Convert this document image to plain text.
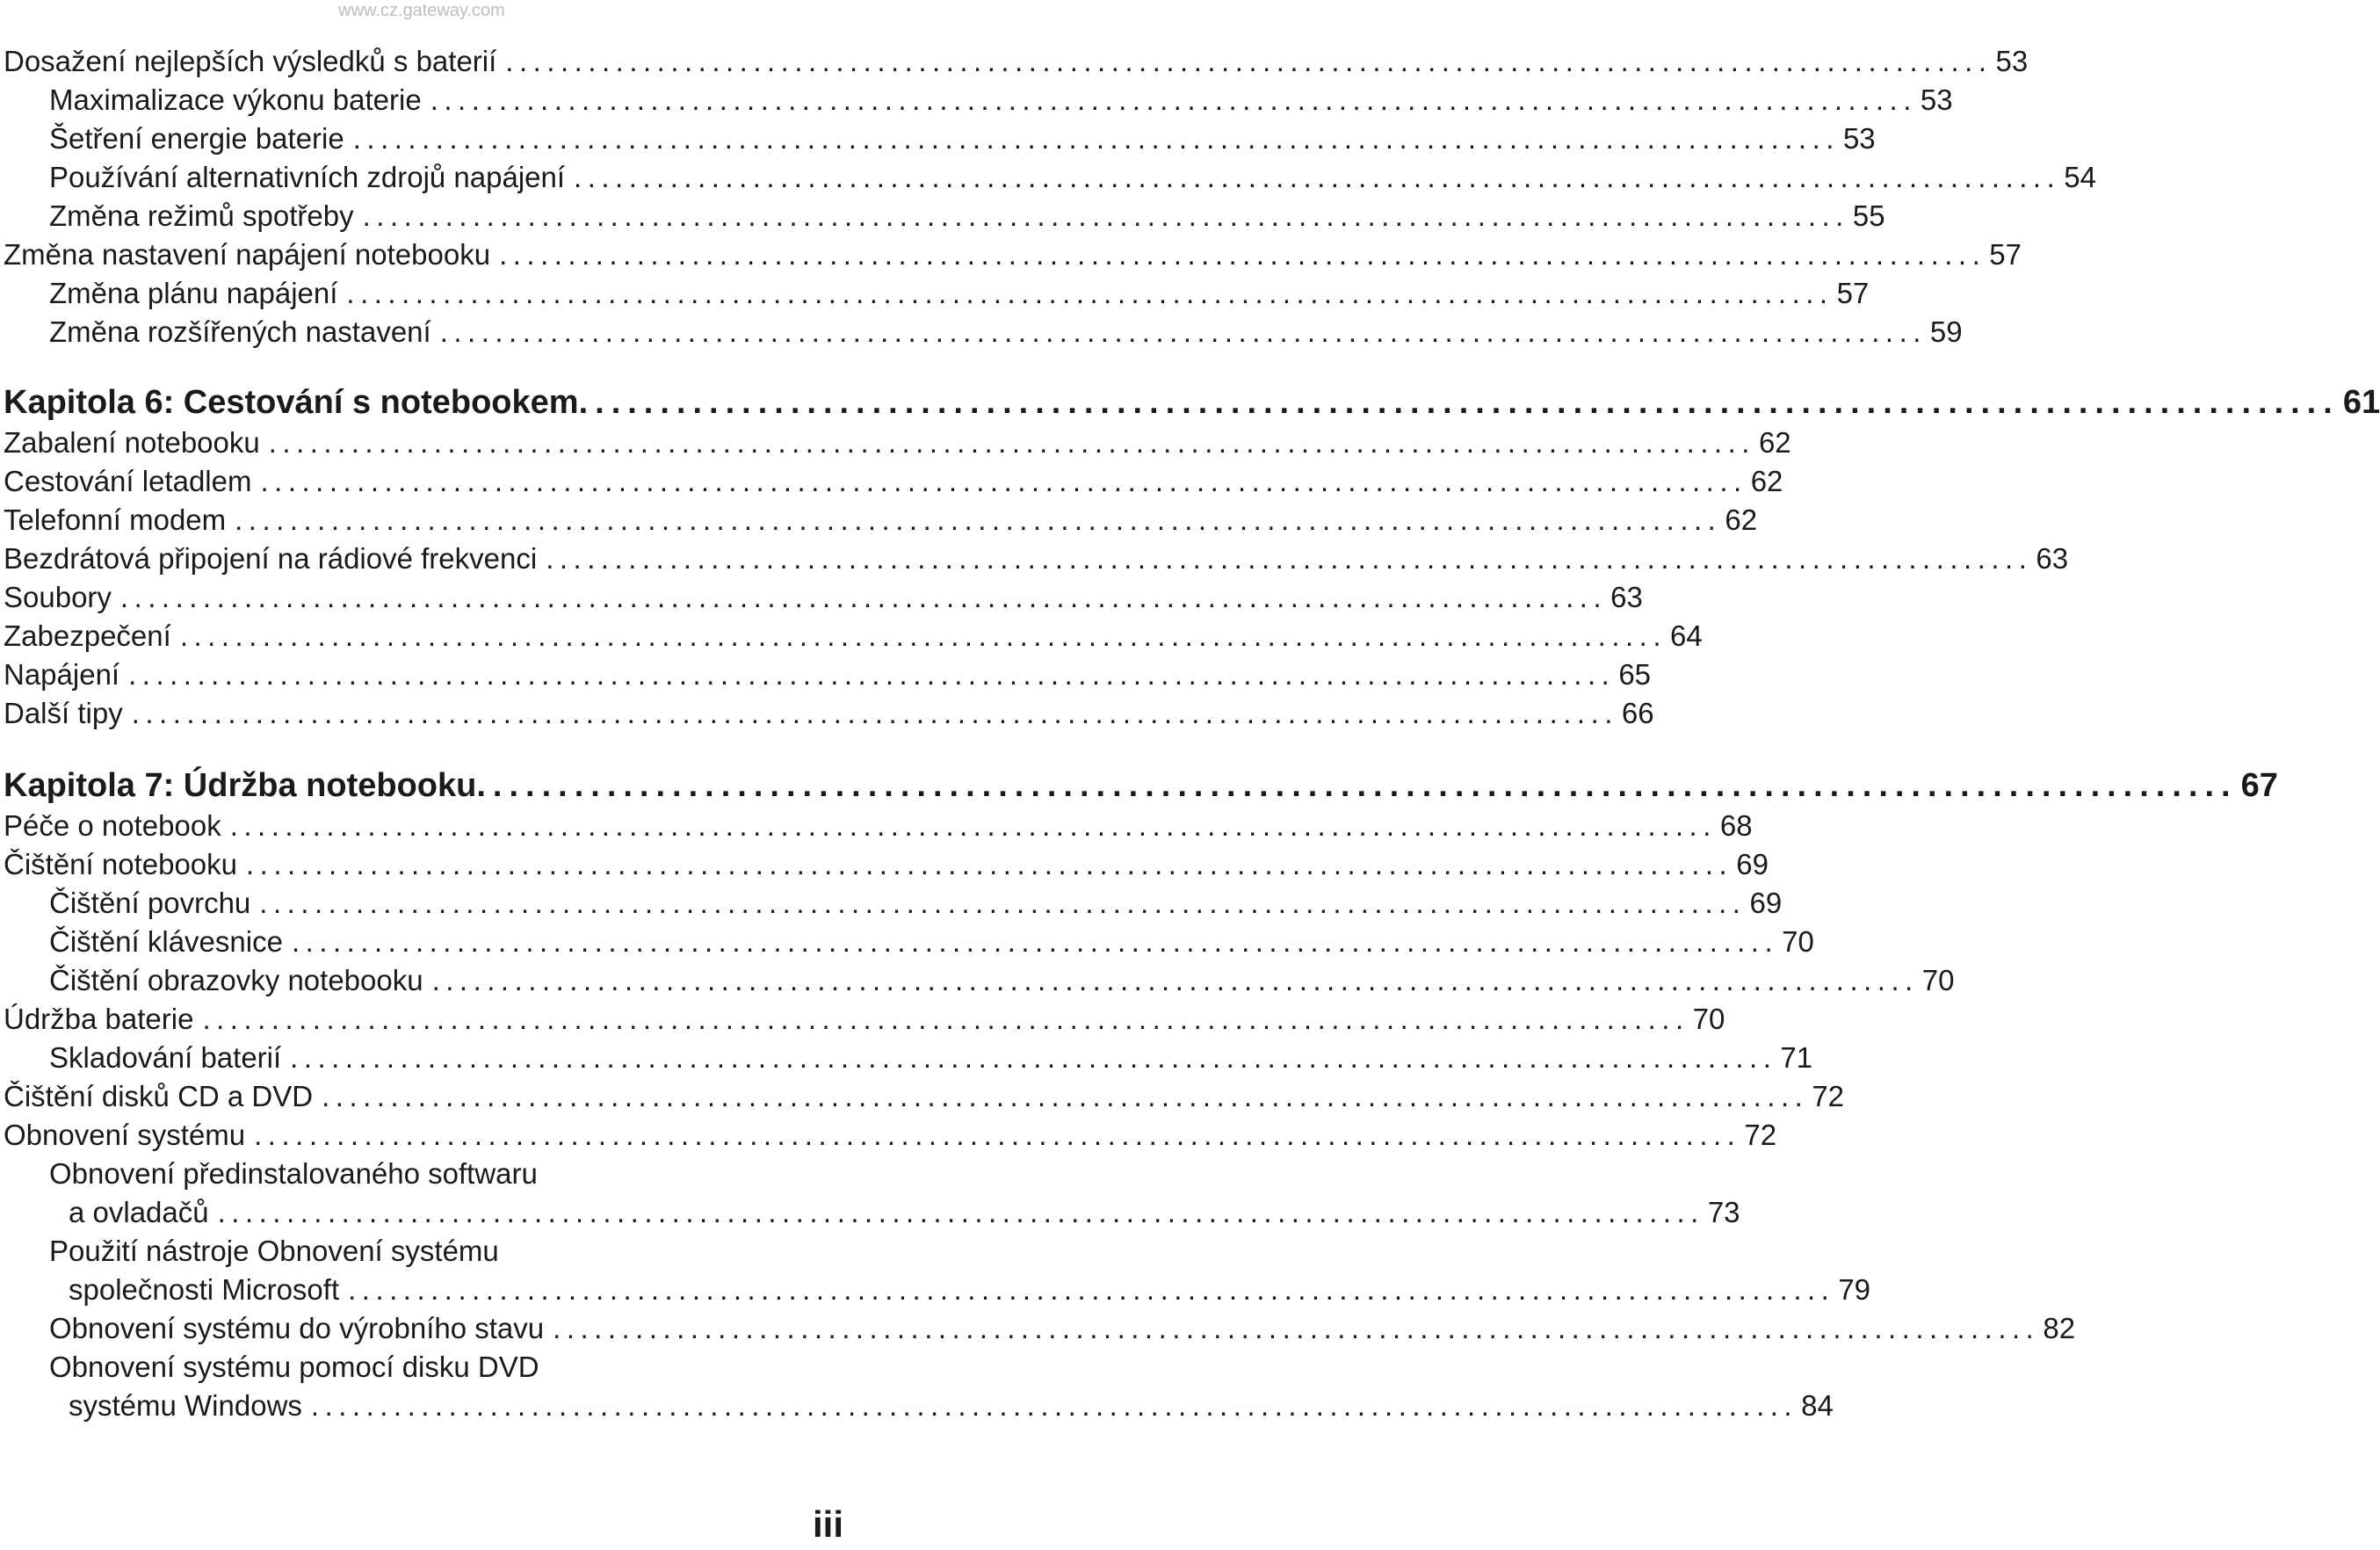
www.cz.gateway.com
Dosažení nejlepších výsledků s baterií ............................................................................................................ 53
Maximalizace výkonu baterie ............................................................................................................ 53
Šetření energie baterie ............................................................................................................ 53
Používání alternativních zdrojů napájení ............................................................................................................ 54
Změna režimů spotřeby ............................................................................................................ 55
Změna nastavení napájení notebooku ............................................................................................................ 57
Změna plánu napájení ............................................................................................................ 57
Změna rozšířených nastavení ............................................................................................................ 59
Kapitola 6: Cestování s notebookem ............................................................................................................ 61
Zabalení notebooku ............................................................................................................ 62
Cestování letadlem ............................................................................................................ 62
Telefonní modem ............................................................................................................ 62
Bezdrátová připojení na rádiové frekvenci ............................................................................................................ 63
Soubory ............................................................................................................ 63
Zabezpečení ............................................................................................................ 64
Napájení ............................................................................................................ 65
Další tipy ............................................................................................................ 66
Kapitola 7: Údržba notebooku ............................................................................................................ 67
Péče o notebook ............................................................................................................ 68
Čištění notebooku ............................................................................................................ 69
Čištění povrchu ............................................................................................................ 69
Čištění klávesnice ............................................................................................................ 70
Čištění obrazovky notebooku ............................................................................................................ 70
Údržba baterie ............................................................................................................ 70
Skladování baterií ............................................................................................................ 71
Čištění disků CD a DVD ............................................................................................................ 72
Obnovení systému ............................................................................................................ 72
Obnovení předinstalovaného softwaru
a ovladačů ............................................................................................................ 73
Použití nástroje Obnovení systému
společnosti Microsoft ............................................................................................................ 79
Obnovení systému do výrobního stavu ............................................................................................................ 82
Obnovení systému pomocí disku DVD
systému Windows ............................................................................................................ 84
iii
